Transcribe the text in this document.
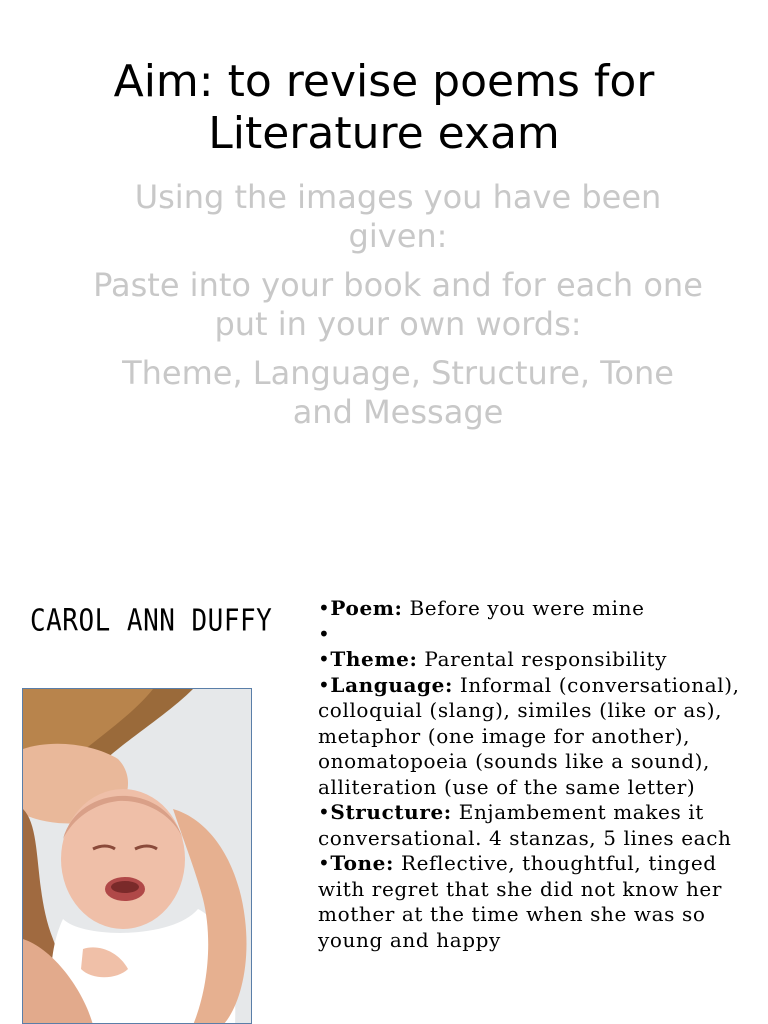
Aim: to revise poems for Literature exam

Using the images you have been given:

Paste into your book and for each one put in your own words:

Theme, Language, Structure, Tone and Message

CAROL ANN DUFFY •Poem: Before you were mine

•

•Theme: Parental responsibility

•Language: Informal (conversational), colloquial (slang), similes (like or as), metaphor (one image for another), onomatopoeia (sounds like a sound), alliteration (use of the same letter)

•Structure: Enjambement makes it conversational. 4 stanzas, 5 lines each

•Tone: Reflective, thoughtful, tinged with regret that she did not know her mother at the time when she was so young and happy
